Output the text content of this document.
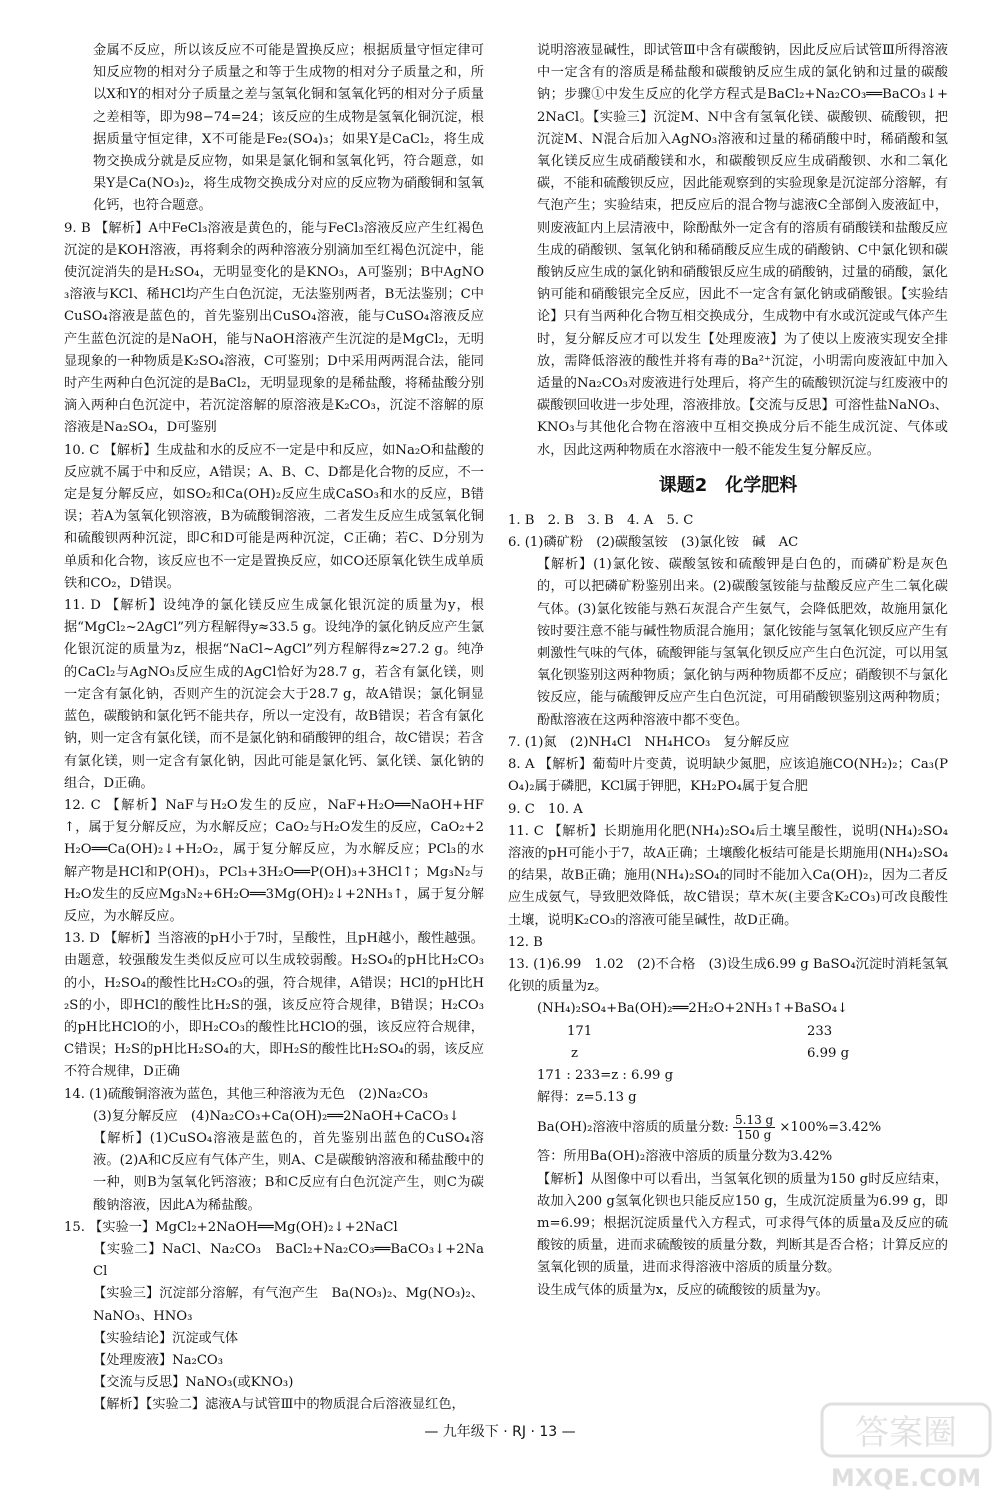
金属不反应，所以该反应不可能是置换反应；根据质量守恒定律可知反应物的相对分子质量之和等于生成物的相对分子质量之和，所以X和Y的相对分子质量之差与氢氧化铜和氢氧化钙的相对分子质量之差相等，即为98−74=24；该反应的生成物是氢氧化铜沉淀，根据质量守恒定律，X不可能是Fe₂(SO₄)₃；如果Y是CaCl₂，将生成物交换成分就是反应物，如果是氯化铜和氢氧化钙，符合题意，如果Y是Ca(NO₃)₂，将生成物交换成分对应的反应物为硝酸铜和氢氧化钙，也符合题意。

9. B 【解析】A中FeCl₃溶液是黄色的，能与FeCl₃溶液反应产生红褐色沉淀的是KOH溶液，再将剩余的两种溶液分别滴加至红褐色沉淀中，能使沉淀消失的是H₂SO₄，无明显变化的是KNO₃，A可鉴别；B中AgNO₃溶液与KCl、稀HCl均产生白色沉淀，无法鉴别两者，B无法鉴别；C中CuSO₄溶液是蓝色的，首先鉴别出CuSO₄溶液，能与CuSO₄溶液反应产生蓝色沉淀的是NaOH，能与NaOH溶液产生沉淀的是MgCl₂，无明显现象的一种物质是K₂SO₄溶液，C可鉴别；D中采用两两混合法，能同时产生两种白色沉淀的是BaCl₂，无明显现象的是稀盐酸，将稀盐酸分别滴入两种白色沉淀中，若沉淀溶解的原溶液是K₂CO₃，沉淀不溶解的原溶液是Na₂SO₄，D可鉴别

10. C 【解析】生成盐和水的反应不一定是中和反应，如Na₂O和盐酸的反应就不属于中和反应，A错误；A、B、C、D都是化合物的反应，不一定是复分解反应，如SO₂和Ca(OH)₂反应生成CaSO₃和水的反应，B错误；若A为氢氧化钡溶液，B为硫酸铜溶液，二者发生反应生成氢氧化铜和硫酸钡两种沉淀，即C和D可能是两种沉淀，C正确；若C、D分别为单质和化合物，该反应也不一定是置换反应，如CO还原氧化铁生成单质铁和CO₂，D错误。

11. D 【解析】设纯净的氯化镁反应生成氯化银沉淀的质量为y，根据“MgCl₂~2AgCl”列方程解得y≈33.5 g。设纯净的氯化钠反应产生氯化银沉淀的质量为z，根据“NaCl~AgCl”列方程解得z≈27.2 g。纯净的CaCl₂与AgNO₃反应生成的AgCl恰好为28.7 g，若含有氯化镁，则一定含有氯化钠，否则产生的沉淀会大于28.7 g，故A错误；氯化铜显蓝色，碳酸钠和氯化钙不能共存，所以一定没有，故B错误；若含有氯化钠，则一定含有氯化镁，而不是氯化钠和硝酸钾的组合，故C错误；若含有氯化镁，则一定含有氯化钠，因此可能是氯化钙、氯化镁、氯化钠的组合，D正确。

12. C 【解析】NaF与H₂O发生的反应，NaF+H₂O══NaOH+HF↑，属于复分解反应，为水解反应；CaO₂与H₂O发生的反应，CaO₂+2H₂O══Ca(OH)₂↓+H₂O₂，属于复分解反应，为水解反应；PCl₃的水解产物是HCl和P(OH)₃，PCl₃+3H₂O══P(OH)₃+3HCl↑；Mg₃N₂与H₂O发生的反应Mg₃N₂+6H₂O══3Mg(OH)₂↓+2NH₃↑，属于复分解反应，为水解反应。

13. D 【解析】当溶液的pH小于7时，呈酸性，且pH越小，酸性越强。由题意，较强酸发生类似反应可以生成较弱酸。H₂SO₄的pH比H₂CO₃的小，H₂SO₄的酸性比H₂CO₃的强，符合规律，A错误；HCl的pH比H₂S的小，即HCl的酸性比H₂S的强，该反应符合规律，B错误；H₂CO₃的pH比HClO的小，即H₂CO₃的酸性比HClO的强，该反应符合规律，C错误；H₂S的pH比H₂SO₄的大，即H₂S的酸性比H₂SO₄的弱，该反应不符合规律，D正确

14. (1)硫酸铜溶液为蓝色，其他三种溶液为无色　(2)Na₂CO₃

(3)复分解反应　(4)Na₂CO₃+Ca(OH)₂══2NaOH+CaCO₃↓

【解析】(1)CuSO₄溶液是蓝色的，首先鉴别出蓝色的CuSO₄溶液。(2)A和C反应有气体产生，则A、C是碳酸钠溶液和稀盐酸中的一种，则B为氢氧化钙溶液；B和C反应有白色沉淀产生，则C为碳酸钠溶液，因此A为稀盐酸。

15. 【实验一】MgCl₂+2NaOH══Mg(OH)₂↓+2NaCl

【实验二】NaCl、Na₂CO₃　BaCl₂+Na₂CO₃══BaCO₃↓+2NaCl

【实验三】沉淀部分溶解，有气泡产生　Ba(NO₃)₂、Mg(NO₃)₂、NaNO₃、HNO₃

【实验结论】沉淀或气体

【处理废液】Na₂CO₃

【交流与反思】NaNO₃(或KNO₃)

【解析】【实验二】滤液A与试管Ⅲ中的物质混合后溶液显红色，

说明溶液显碱性，即试管Ⅲ中含有碳酸钠，因此反应后试管Ⅲ所得溶液中一定含有的溶质是稀盐酸和碳酸钠反应生成的氯化钠和过量的碳酸钠；步骤①中发生反应的化学方程式是BaCl₂+Na₂CO₃══BaCO₃↓+2NaCl。【实验三】沉淀M、N中含有氢氧化镁、碳酸钡、硫酸钡，把沉淀M、N混合后加入AgNO₃溶液和过量的稀硝酸中时，稀硝酸和氢氧化镁反应生成硝酸镁和水，和碳酸钡反应生成硝酸钡、水和二氧化碳，不能和硫酸钡反应，因此能观察到的实验现象是沉淀部分溶解，有气泡产生；实验结束，把反应后的混合物与滤液C全部倒入废液缸中，则废液缸内上层清液中，除酚酞外一定含有的溶质有硝酸镁和盐酸反应生成的硝酸钡、氢氧化钠和稀硝酸反应生成的硝酸钠、C中氯化钡和碳酸钠反应生成的氯化钠和硝酸银反应生成的硝酸钠，过量的硝酸，氯化钠可能和硝酸银完全反应，因此不一定含有氯化钠或硝酸银。【实验结论】只有当两种化合物互相交换成分，生成物中有水或沉淀或气体产生时，复分解反应才可以发生【处理废液】为了使以上废液实现安全排放，需降低溶液的酸性并将有毒的Ba²⁺沉淀，小明需向废液缸中加入适量的Na₂CO₃对废液进行处理后，将产生的硫酸钡沉淀与红废液中的碳酸钡回收进一步处理，溶液排放。【交流与反思】可溶性盐NaNO₃、KNO₃与其他化合物在溶液中互相交换成分后不能生成沉淀、气体或水，因此这两种物质在水溶液中一般不能发生复分解反应。

课题2　化学肥料

1. B　2. B　3. B　4. A　5. C

6. (1)磷矿粉　(2)碳酸氢铵　(3)氯化铵　碱　AC

【解析】(1)氯化铵、碳酸氢铵和硫酸钾是白色的，而磷矿粉是灰色的，可以把磷矿粉鉴别出来。(2)碳酸氢铵能与盐酸反应产生二氧化碳气体。(3)氯化铵能与熟石灰混合产生氨气，会降低肥效，故施用氯化铵时要注意不能与碱性物质混合施用；氯化铵能与氢氧化钡反应产生有刺激性气味的气体，硫酸钾能与氢氧化钡反应产生白色沉淀，可以用氢氧化钡鉴别这两种物质；氯化钠与两种物质都不反应；硝酸钡不与氯化铵反应，能与硫酸钾反应产生白色沉淀，可用硝酸钡鉴别这两种物质；酚酞溶液在这两种溶液中都不变色。

7. (1)氮　(2)NH₄Cl　NH₄HCO₃　复分解反应

8. A 【解析】葡萄叶片变黄，说明缺少氮肥，应该追施CO(NH₂)₂；Ca₃(PO₄)₂属于磷肥，KCl属于钾肥，KH₂PO₄属于复合肥

9. C　10. A

11. C 【解析】长期施用化肥(NH₄)₂SO₄后土壤呈酸性，说明(NH₄)₂SO₄溶液的pH可能小于7，故A正确；土壤酸化板结可能是长期施用(NH₄)₂SO₄的结果，故B正确；施用(NH₄)₂SO₄的同时不能加入Ca(OH)₂，因为二者反应生成氨气，导致肥效降低，故C错误；草木灰(主要含K₂CO₃)可改良酸性土壤，说明K₂CO₃的溶液可能呈碱性，故D正确。

12. B

13. (1)6.99　1.02　(2)不合格　(3)设生成6.99 g BaSO₄沉淀时消耗氢氧化钡的质量为z。

(NH₄)₂SO₄+Ba(OH)₂══2H₂O+2NH₃↑+BaSO₄↓
171	233
z	6.99 g
171 : 233=z : 6.99 g
解得：z=5.13 g
Ba(OH)₂溶液中溶质的质量分数: $\frac{5.13 g}{150 g} \times 100\%=3.42\%$
答：所用Ba(OH)₂溶液中溶质的质量分数为3.42%

【解析】从图像中可以看出，当氢氧化钡的质量为150 g时反应结束，故加入200 g氢氧化钡也只能反应150 g，生成沉淀质量为6.99 g，即m=6.99；根据沉淀质量代入方程式，可求得气体的质量a及反应的硫酸铵的质量，进而求硫酸铵的质量分数，判断其是否合格；计算反应的氢氧化钡的质量，进而求得溶液中溶质的质量分数。

设生成气体的质量为x，反应的硫酸铵的质量为y。

— 九年级下 · RJ · 13 —	答案圈
MXQE.COM
